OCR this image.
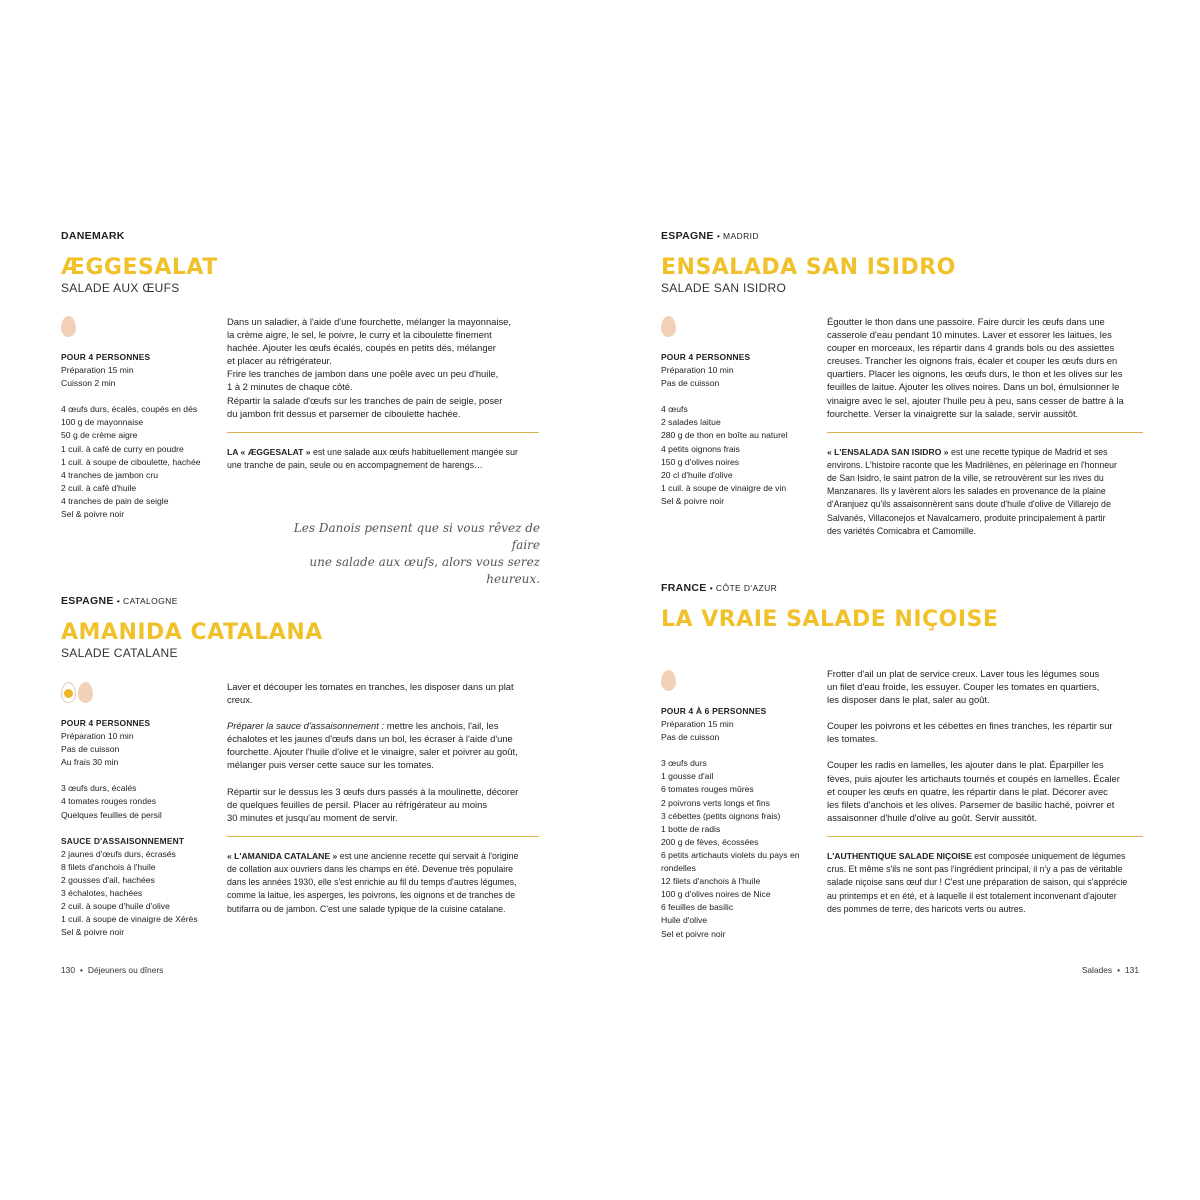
DANEMARK

ÆGGESALAT

SALADE AUX ŒUFS

POUR 4 PERSONNES

Préparation 15 min

Cuisson 2 min

4 œufs durs, écalés, coupés en dés

100 g de mayonnaise

50 g de crème aigre

1 cuil. à café de curry en poudre

1 cuil. à soupe de ciboulette, hachée

4 tranches de jambon cru

2 cuil. à café d'huile

4 tranches de pain de seigle

Sel & poivre noir

Dans un saladier, à l'aide d'une fourchette, mélanger la mayonnaise,

la crème aigre, le sel, le poivre, le curry et la ciboulette finement

hachée. Ajouter les œufs écalés, coupés en petits dés, mélanger

et placer au réfrigérateur.

Frire les tranches de jambon dans une poêle avec un peu d'huile,

1 à 2 minutes de chaque côté.

Répartir la salade d'œufs sur les tranches de pain de seigle, poser

du jambon frit dessus et parsemer de ciboulette hachée.

LA « ÆGGESALAT » est une salade aux œufs habituellement mangée sur
une tranche de pain, seule ou en accompagnement de harengs…

Les Danois pensent que si vous rêvez de faire

une salade aux œufs, alors vous serez heureux.

ESPAGNE • MADRID

ENSALADA SAN ISIDRO

SALADE SAN ISIDRO

POUR 4 PERSONNES

Préparation 10 min

Pas de cuisson

4 œufs

2 salades laitue

280 g de thon en boîte au naturel

4 petits oignons frais

150 g d'olives noires

20 cl d'huile d'olive

1 cuil. à soupe de vinaigre de vin

Sel & poivre noir

Égoutter le thon dans une passoire. Faire durcir les œufs dans une

casserole d'eau pendant 10 minutes. Laver et essorer les laitues, les

couper en morceaux, les répartir dans 4 grands bols ou des assiettes

creuses. Trancher les oignons frais, écaler et couper les œufs durs en

quartiers. Placer les oignons, les œufs durs, le thon et les olives sur les

feuilles de laitue. Ajouter les olives noires. Dans un bol, émulsionner le

vinaigre avec le sel, ajouter l'huile peu à peu, sans cesser de battre à la

fourchette. Verser la vinaigrette sur la salade, servir aussitôt.

« L'ENSALADA SAN ISIDRO » est une recette typique de Madrid et ses
environs. L'histoire raconte que les Madrilènes, en pèlerinage en l'honneur
de San Isidro, le saint patron de la ville, se retrouvèrent sur les rives du
Manzanares. Ils y lavèrent alors les salades en provenance de la plaine
d'Aranjuez qu'ils assaisonnèrent sans doute d'huile d'olive de Villarejo de
Salvanés, Villaconejos et Navalcarnero, produite principalement à partir
des variétés Cornicabra et Camomille.

ESPAGNE • CATALOGNE

AMANIDA CATALANA

SALADE CATALANE

POUR 4 PERSONNES

Préparation 10 min

Pas de cuisson

Au frais 30 min

3 œufs durs, écalés

4 tomates rouges rondes

Quelques feuilles de persil

SAUCE D'ASSAISONNEMENT

2 jaunes d'œufs durs, écrasés

8 filets d'anchois à l'huile

2 gousses d'ail, hachées

3 échalotes, hachées

2 cuil. à soupe d'huile d'olive

1 cuil. à soupe de vinaigre de Xérès

Sel & poivre noir

Laver et découper les tomates en tranches, les disposer dans un plat

creux.

Préparer la sauce d'assaisonnement : mettre les anchois, l'ail, les

échalotes et les jaunes d'œufs dans un bol, les écraser à l'aide d'une

fourchette. Ajouter l'huile d'olive et le vinaigre, saler et poivrer au goût,

mélanger puis verser cette sauce sur les tomates.

Répartir sur le dessus les 3 œufs durs passés à la moulinette, décorer

de quelques feuilles de persil. Placer au réfrigérateur au moins

30 minutes et jusqu'au moment de servir.

« L'AMANIDA CATALANE » est une ancienne recette qui servait à l'origine
de collation aux ouvriers dans les champs en été. Devenue très populaire
dans les années 1930, elle s'est enrichie au fil du temps d'autres légumes,
comme la laitue, les asperges, les poivrons, les oignons et de tranches de
butifarra ou de jambon. C'est une salade typique de la cuisine catalane.

FRANCE • CÔTE D'AZUR

LA VRAIE SALADE NIÇOISE

POUR 4 À 6 PERSONNES

Préparation 15 min

Pas de cuisson

3 œufs durs

1 gousse d'ail

6 tomates rouges mûres

2 poivrons verts longs et fins

3 cébettes (petits oignons frais)

1 botte de radis

200 g de fèves, écossées

6 petits artichauts violets du pays en

rondelles

12 filets d'anchois à l'huile

100 g d'olives noires de Nice

6 feuilles de basilic

Huile d'olive

Sel et poivre noir

Frotter d'ail un plat de service creux. Laver tous les légumes sous

un filet d'eau froide, les essuyer. Couper les tomates en quartiers,

les disposer dans le plat, saler au goût.

Couper les poivrons et les cébettes en fines tranches, les répartir sur

les tomates.

Couper les radis en lamelles, les ajouter dans le plat. Éparpiller les

fèves, puis ajouter les artichauts tournés et coupés en lamelles. Écaler

et couper les œufs en quatre, les répartir dans le plat. Décorer avec

les filets d'anchois et les olives. Parsemer de basilic haché, poivrer et

assaisonner d'huile d'olive au goût. Servir aussitôt.

L'AUTHENTIQUE SALADE NIÇOISE est composée uniquement de légumes
crus. Et même s'ils ne sont pas l'ingrédient principal, il n'y a pas de véritable
salade niçoise sans œuf dur ! C'est une préparation de saison, qui s'apprécie
au printemps et en été, et à laquelle il est totalement inconvenant d'ajouter
des pommes de terre, des haricots verts ou autres.

130 • Déjeuners ou dîners	Salades • 131
